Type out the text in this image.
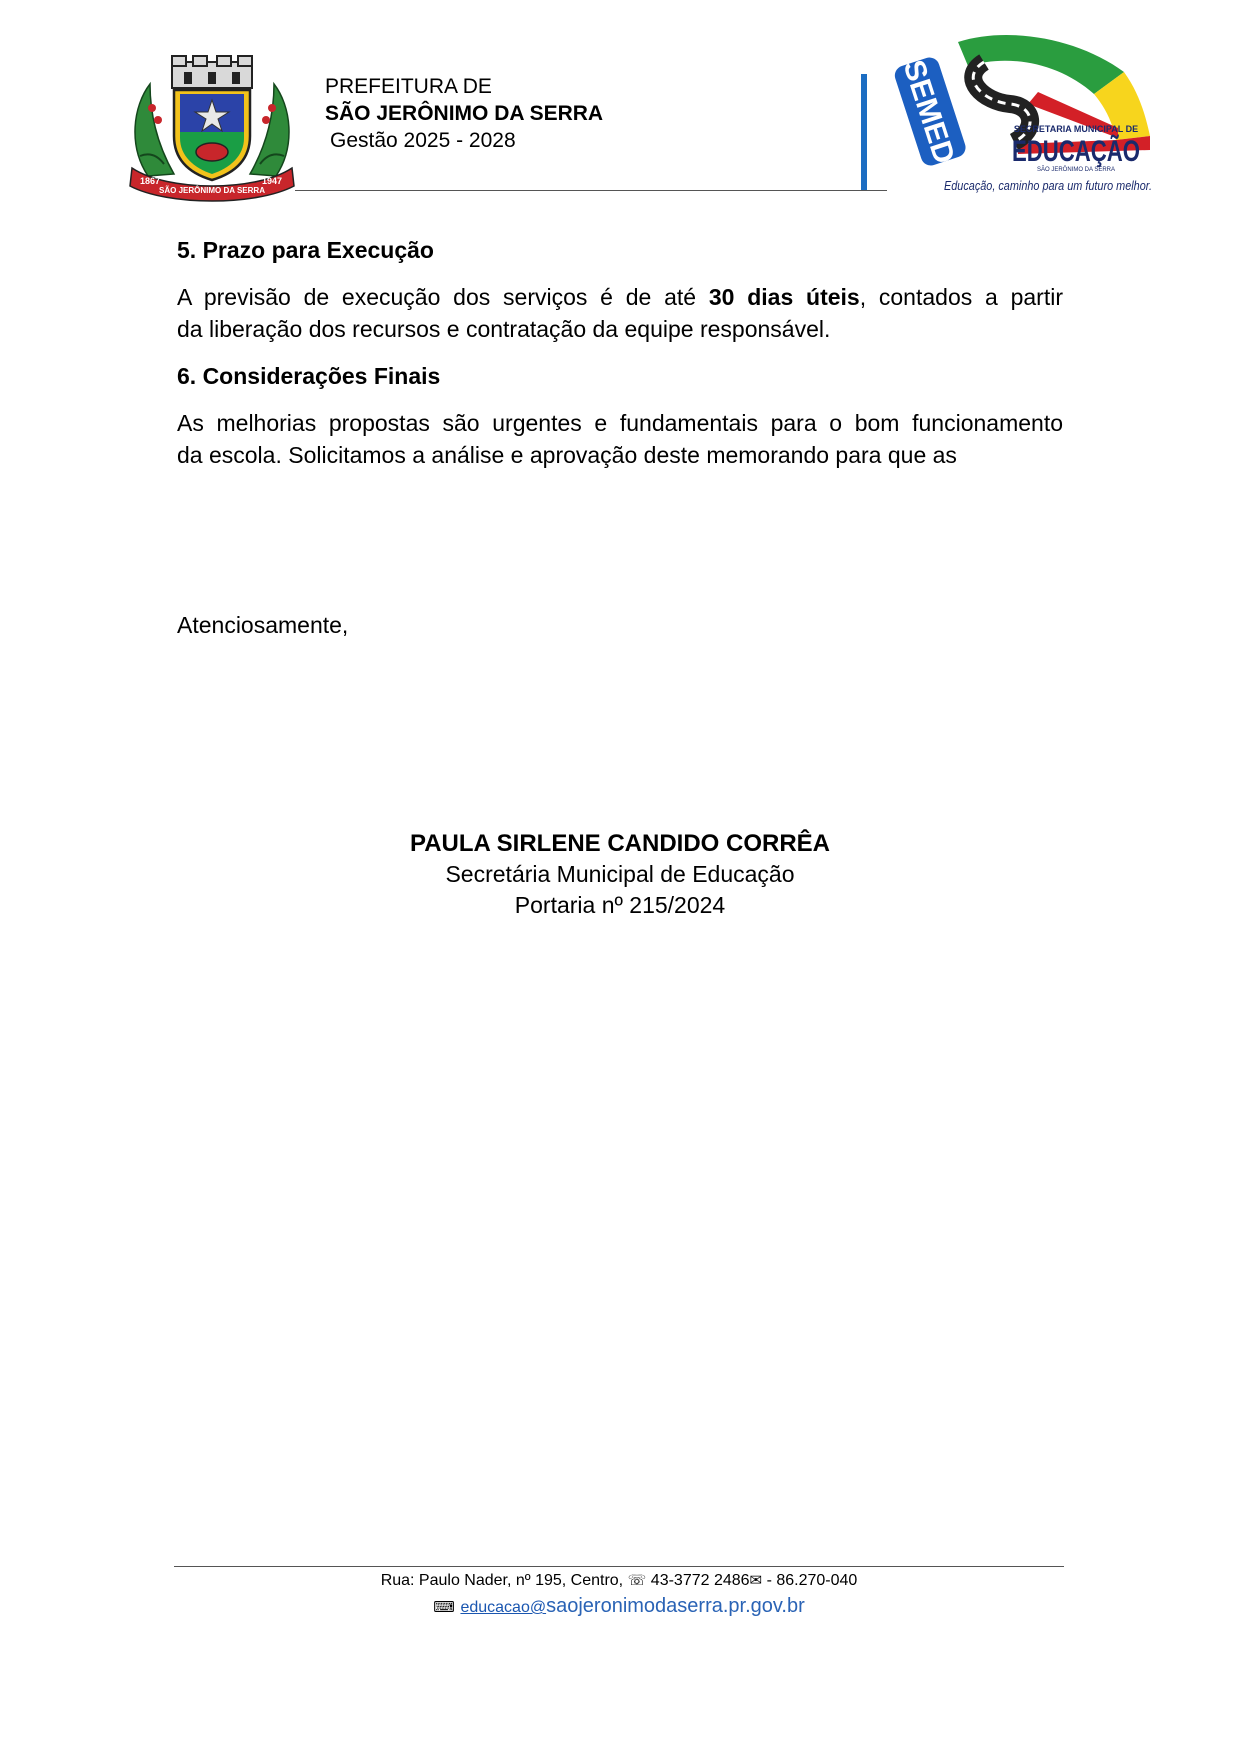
1867
SÃO JERÔNIMO DA SERRA
1947
PREFEITURA DE
SÃO JERÔNIMO DA SERRA
Gestão 2025 - 2028	SEMED	SECRETARIA MUNICIPAL DE
EDUCAÇÃO
SÃO JERÔNIMO DA SERRA
Educação, caminho para um futuro melhor.
5. Prazo para Execução
A previsão de execução dos serviços é de até 30 dias úteis, contados a partir
da liberação dos recursos e contratação da equipe responsável.
6. Considerações Finais
As melhorias propostas são urgentes e fundamentais para o bom funcionamento
da escola. Solicitamos a análise e aprovação deste memorando para que as
Atenciosamente,
PAULA SIRLENE CANDIDO CORRÊA
Secretária Municipal de Educação
Portaria nº 215/2024
Rua: Paulo Nader, nº 195, Centro, ☏ 43-3772 2486✉ - 86.270-040
⌨ educacao@saojeronimodaserra.pr.gov.br
